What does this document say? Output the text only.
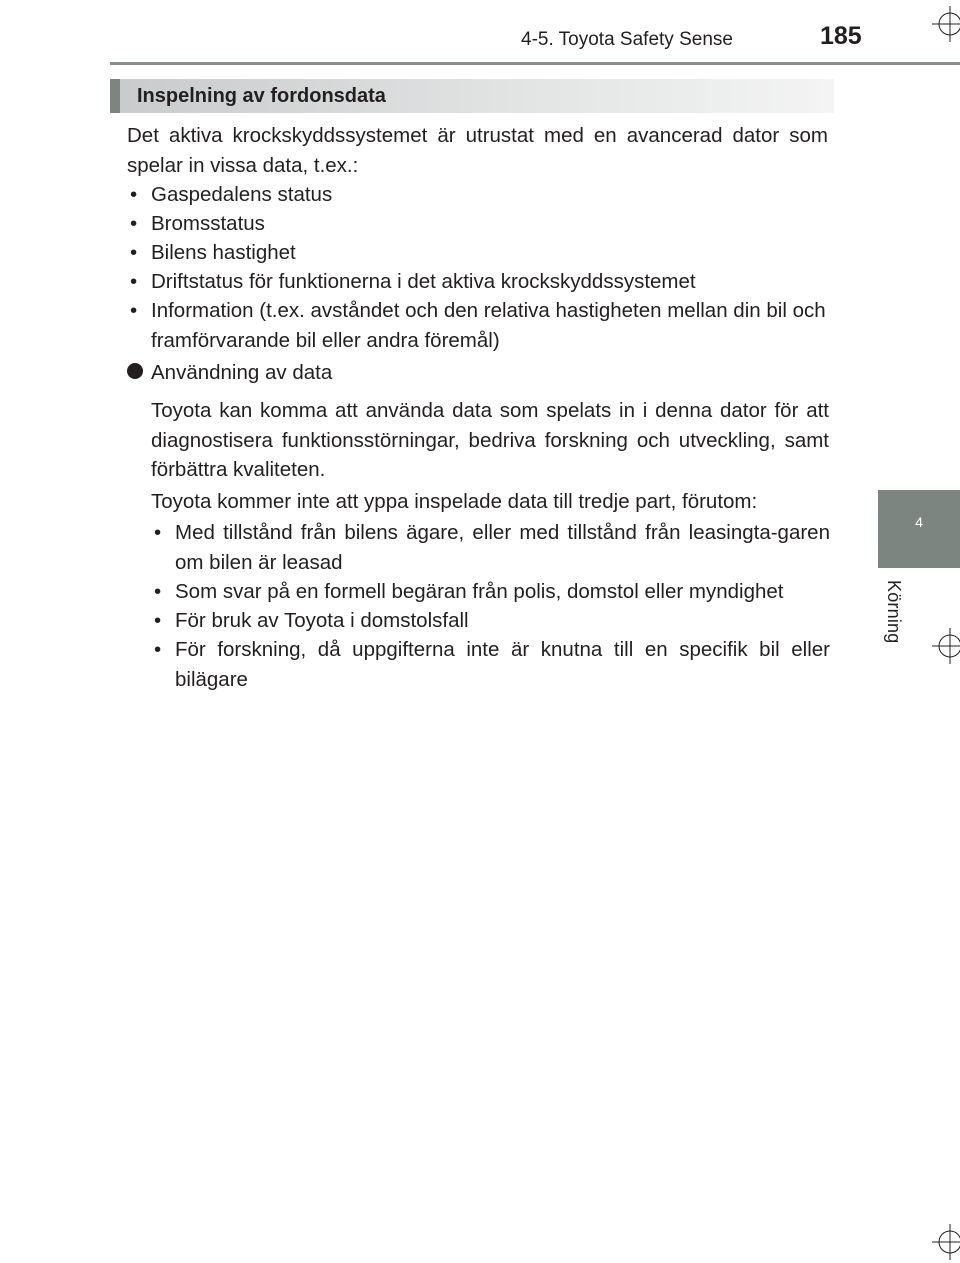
4-5. Toyota Safety Sense	185
4
Körning
Inspelning av fordonsdata
Det aktiva krockskyddssystemet är utrustat med en avancerad dator som spelar in vissa data, t.ex.:
• Gaspedalens status
• Bromsstatus
• Bilens hastighet
• Driftstatus för funktionerna i det aktiva krockskyddssystemet
• Information (t.ex. avståndet och den relativa hastigheten mellan din bil och framförvarande bil eller andra föremål)
Användning av data
Toyota kan komma att använda data som spelats in i denna dator för att diagnostisera funktionsstörningar, bedriva forskning och utveckling, samt förbättra kvaliteten.
Toyota kommer inte att yppa inspelade data till tredje part, förutom:
• Med tillstånd från bilens ägare, eller med tillstånd från leasingta-garen om bilen är leasad
• Som svar på en formell begäran från polis, domstol eller myndighet
• För bruk av Toyota i domstolsfall
• För forskning, då uppgifterna inte är knutna till en specifik bil eller bilägare
